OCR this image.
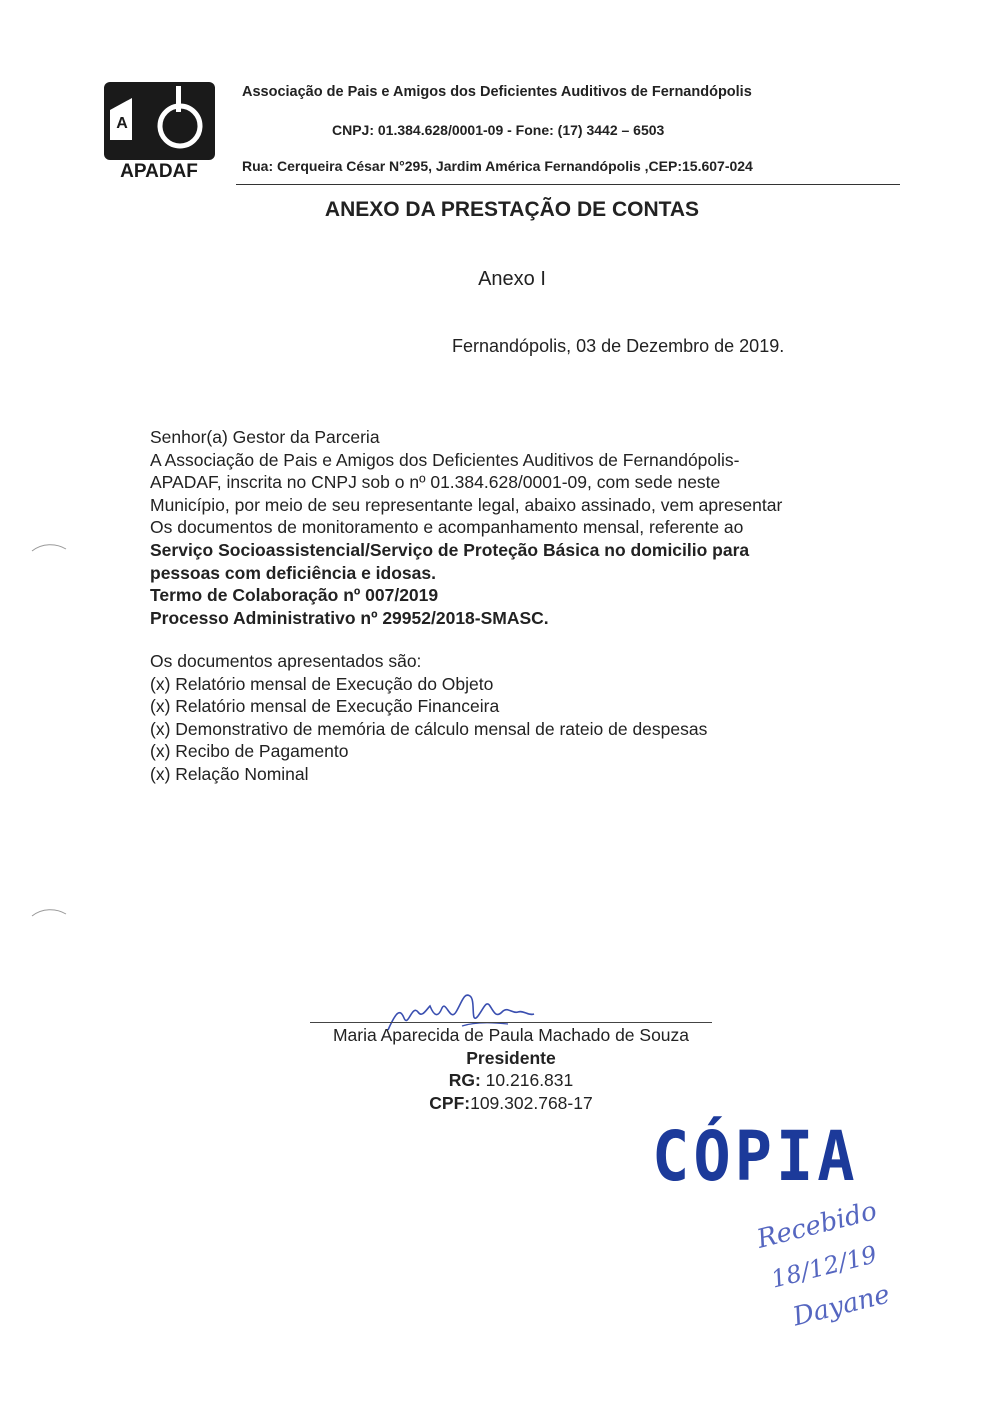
A
APADAF
Associação de Pais e Amigos dos Deficientes Auditivos de Fernandópolis
CNPJ: 01.384.628/0001-09 - Fone: (17) 3442 – 6503
Rua: Cerqueira César N°295, Jardim América Fernandópolis ,CEP:15.607-024
ANEXO DA PRESTAÇÃO DE CONTAS
Anexo I
Fernandópolis, 03 de Dezembro de 2019.
Senhor(a) Gestor da Parceria
A Associação de Pais e Amigos dos Deficientes Auditivos de Fernandópolis-
APADAF, inscrita no CNPJ sob o nº 01.384.628/0001-09, com sede neste
Município, por meio de seu representante legal, abaixo assinado, vem apresentar
Os documentos de monitoramento e acompanhamento mensal, referente ao
Serviço Socioassistencial/Serviço de Proteção Básica no domicilio para
pessoas com deficiência e idosas.
Termo de Colaboração nº 007/2019
Processo Administrativo nº 29952/2018-SMASC.
Os documentos apresentados são:
(x) Relatório mensal de Execução do Objeto
(x) Relatório mensal de Execução Financeira
(x) Demonstrativo de memória de cálculo mensal de rateio de despesas
(x) Recibo de Pagamento
(x) Relação Nominal
Maria Aparecida de Paula Machado de Souza
Presidente
RG: 10.216.831
CPF:109.302.768-17
CÓPIA
Recebido
18/12/19
Dayane
